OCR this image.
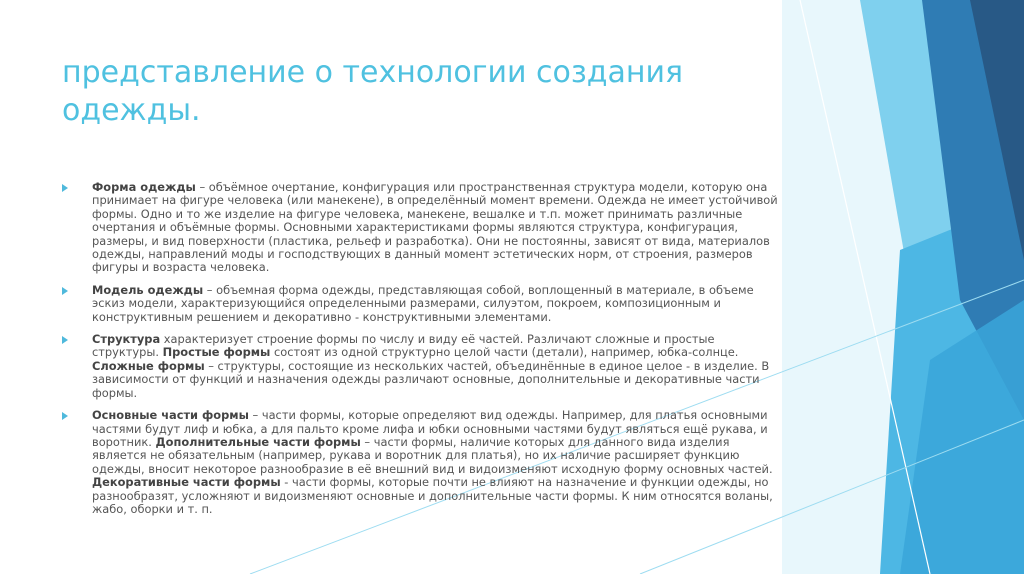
представление о технологии создания одежды.
Форма одежды – объёмное очертание, конфигурация или пространственная структура модели, которую она принимает на фигуре человека (или манекене), в определённый момент времени. Одежда не имеет устойчивой формы. Одно и то же изделие на фигуре человека, манекене, вешалке и т.п. может принимать различные очертания и объёмные формы. Основными характеристиками формы являются структура, конфигурация, размеры, и вид поверхности (пластика, рельеф и разработка). Они не постоянны, зависят от вида, материалов одежды, направлений моды и господствующих в данный момент эстетических норм, от строения, размеров фигуры и возраста человека.
Модель одежды – объемная форма одежды, представляющая собой, воплощенный в материале, в объеме эскиз модели, характеризующийся определенными размерами, силуэтом, покроем, композиционным и конструктивным решением и декоративно - конструктивными элементами.
Структура характеризует строение формы по числу и виду её частей. Различают сложные и простые структуры. Простые формы состоят из одной структурно целой части (детали), например, юбка-солнце. Сложные формы – структуры, состоящие из нескольких частей, объединённые в единое целое - в изделие. В зависимости от функций и назначения одежды различают основные, дополнительные и декоративные части формы.
Основные части формы – части формы, которые определяют вид одежды. Например, для платья основными частями будут лиф и юбка, а для пальто кроме лифа и юбки основными частями будут являться ещё рукава, и воротник. Дополнительные части формы – части формы, наличие которых для данного вида изделия является не обязательным (например, рукава и воротник для платья), но их наличие расширяет функцию одежды, вносит некоторое разнообразие в её внешний вид и видоизменяют исходную форму основных частей. Декоративные части формы - части формы, которые почти не влияют на назначение и функции одежды, но разнообразят, усложняют и видоизменяют основные и дополнительные части формы. К ним относятся воланы, жабо, оборки и т. п.
